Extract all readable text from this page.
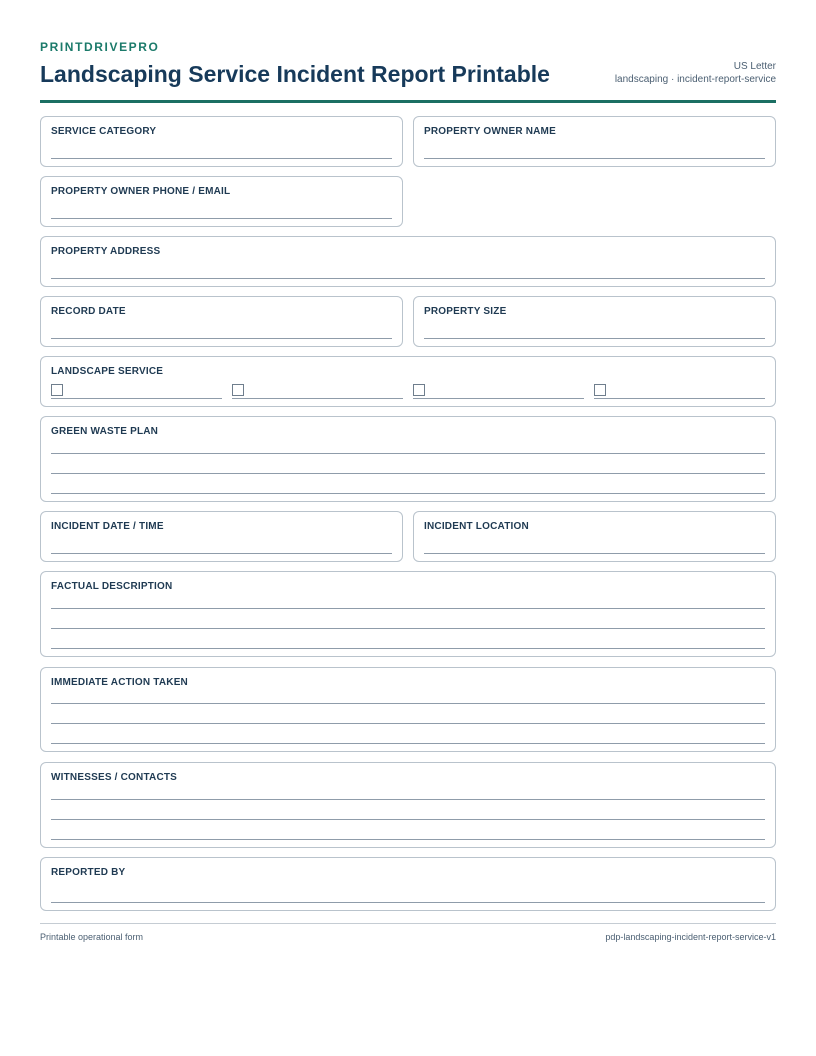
PRINTDRIVEPRO
Landscaping Service Incident Report Printable	US Letter
landscaping · incident-report-service
SERVICE CATEGORY	PROPERTY OWNER NAME
PROPERTY OWNER PHONE / EMAIL
PROPERTY ADDRESS
RECORD DATE	PROPERTY SIZE
LANDSCAPE SERVICE
GREEN WASTE PLAN
INCIDENT DATE / TIME	INCIDENT LOCATION
FACTUAL DESCRIPTION
IMMEDIATE ACTION TAKEN
WITNESSES / CONTACTS
REPORTED BY
Printable operational form	pdp-landscaping-incident-report-service-v1
